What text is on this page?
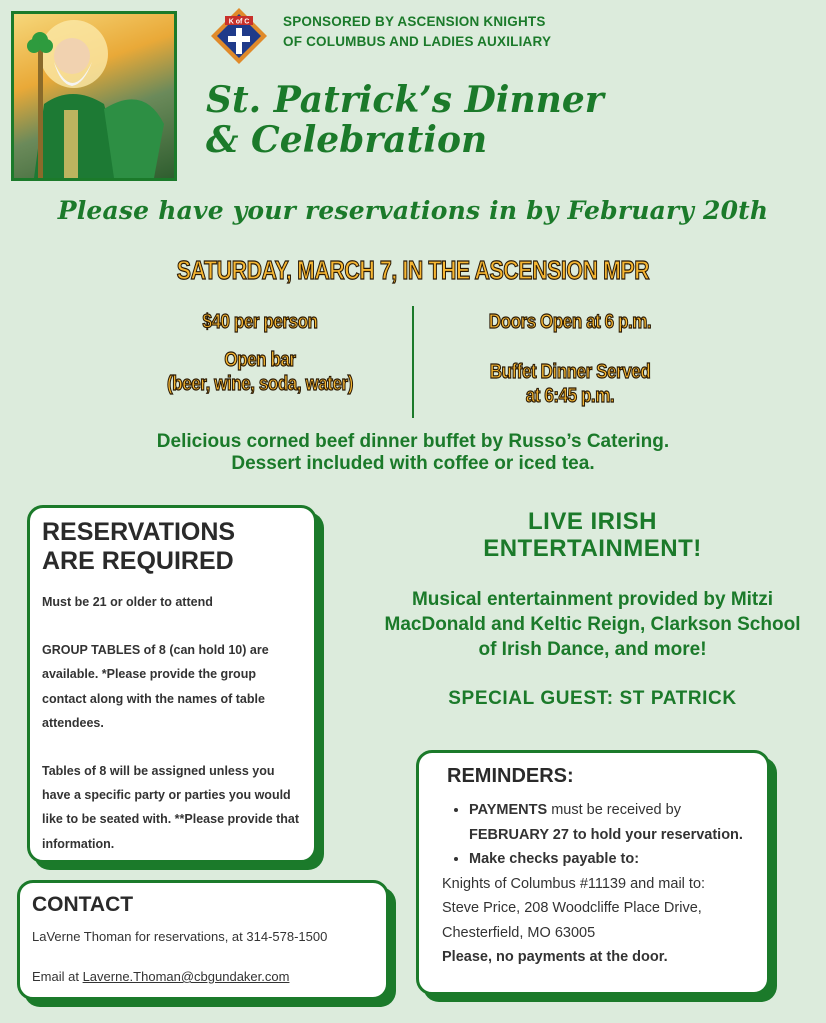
K of C SPONSORED BY ASCENSION KNIGHTS
OF COLUMBUS AND LADIES AUXILIARY
St. Patrick’s Dinner
& Celebration
Please have your reservations in by February 20th
SATURDAY, MARCH 7, IN THE ASCENSION MPR
$40 per person
Open bar
(beer, wine, soda, water)
Doors Open at 6 p.m.
Buffet Dinner Served
at 6:45 p.m.
Delicious corned beef dinner buffet by Russo’s Catering.
Dessert included with coffee or iced tea.
RESERVATIONS
ARE REQUIRED

Must be 21 or older to attend

GROUP TABLES of 8 (can hold 10) are available. *Please provide the group contact along with the names of table attendees.

Tables of 8 will be assigned unless you have a specific party or parties you would like to be seated with. **Please provide that information.

CONTACT
LaVerne Thoman for reservations, at 314-578-1500
Email at Laverne.Thoman@cbgundaker.com
LIVE IRISH
ENTERTAINMENT!
Musical entertainment provided by Mitzi MacDonald and Keltic Reign, Clarkson School of Irish Dance, and more!
SPECIAL GUEST: ST PATRICK
REMINDERS:
• PAYMENTS must be received by
FEBRUARY 27 to hold your reservation.
• Make checks payable to:
Knights of Columbus #11139 and mail to:
Steve Price, 208 Woodcliffe Place Drive,
Chesterfield, MO 63005
Please, no payments at the door.
